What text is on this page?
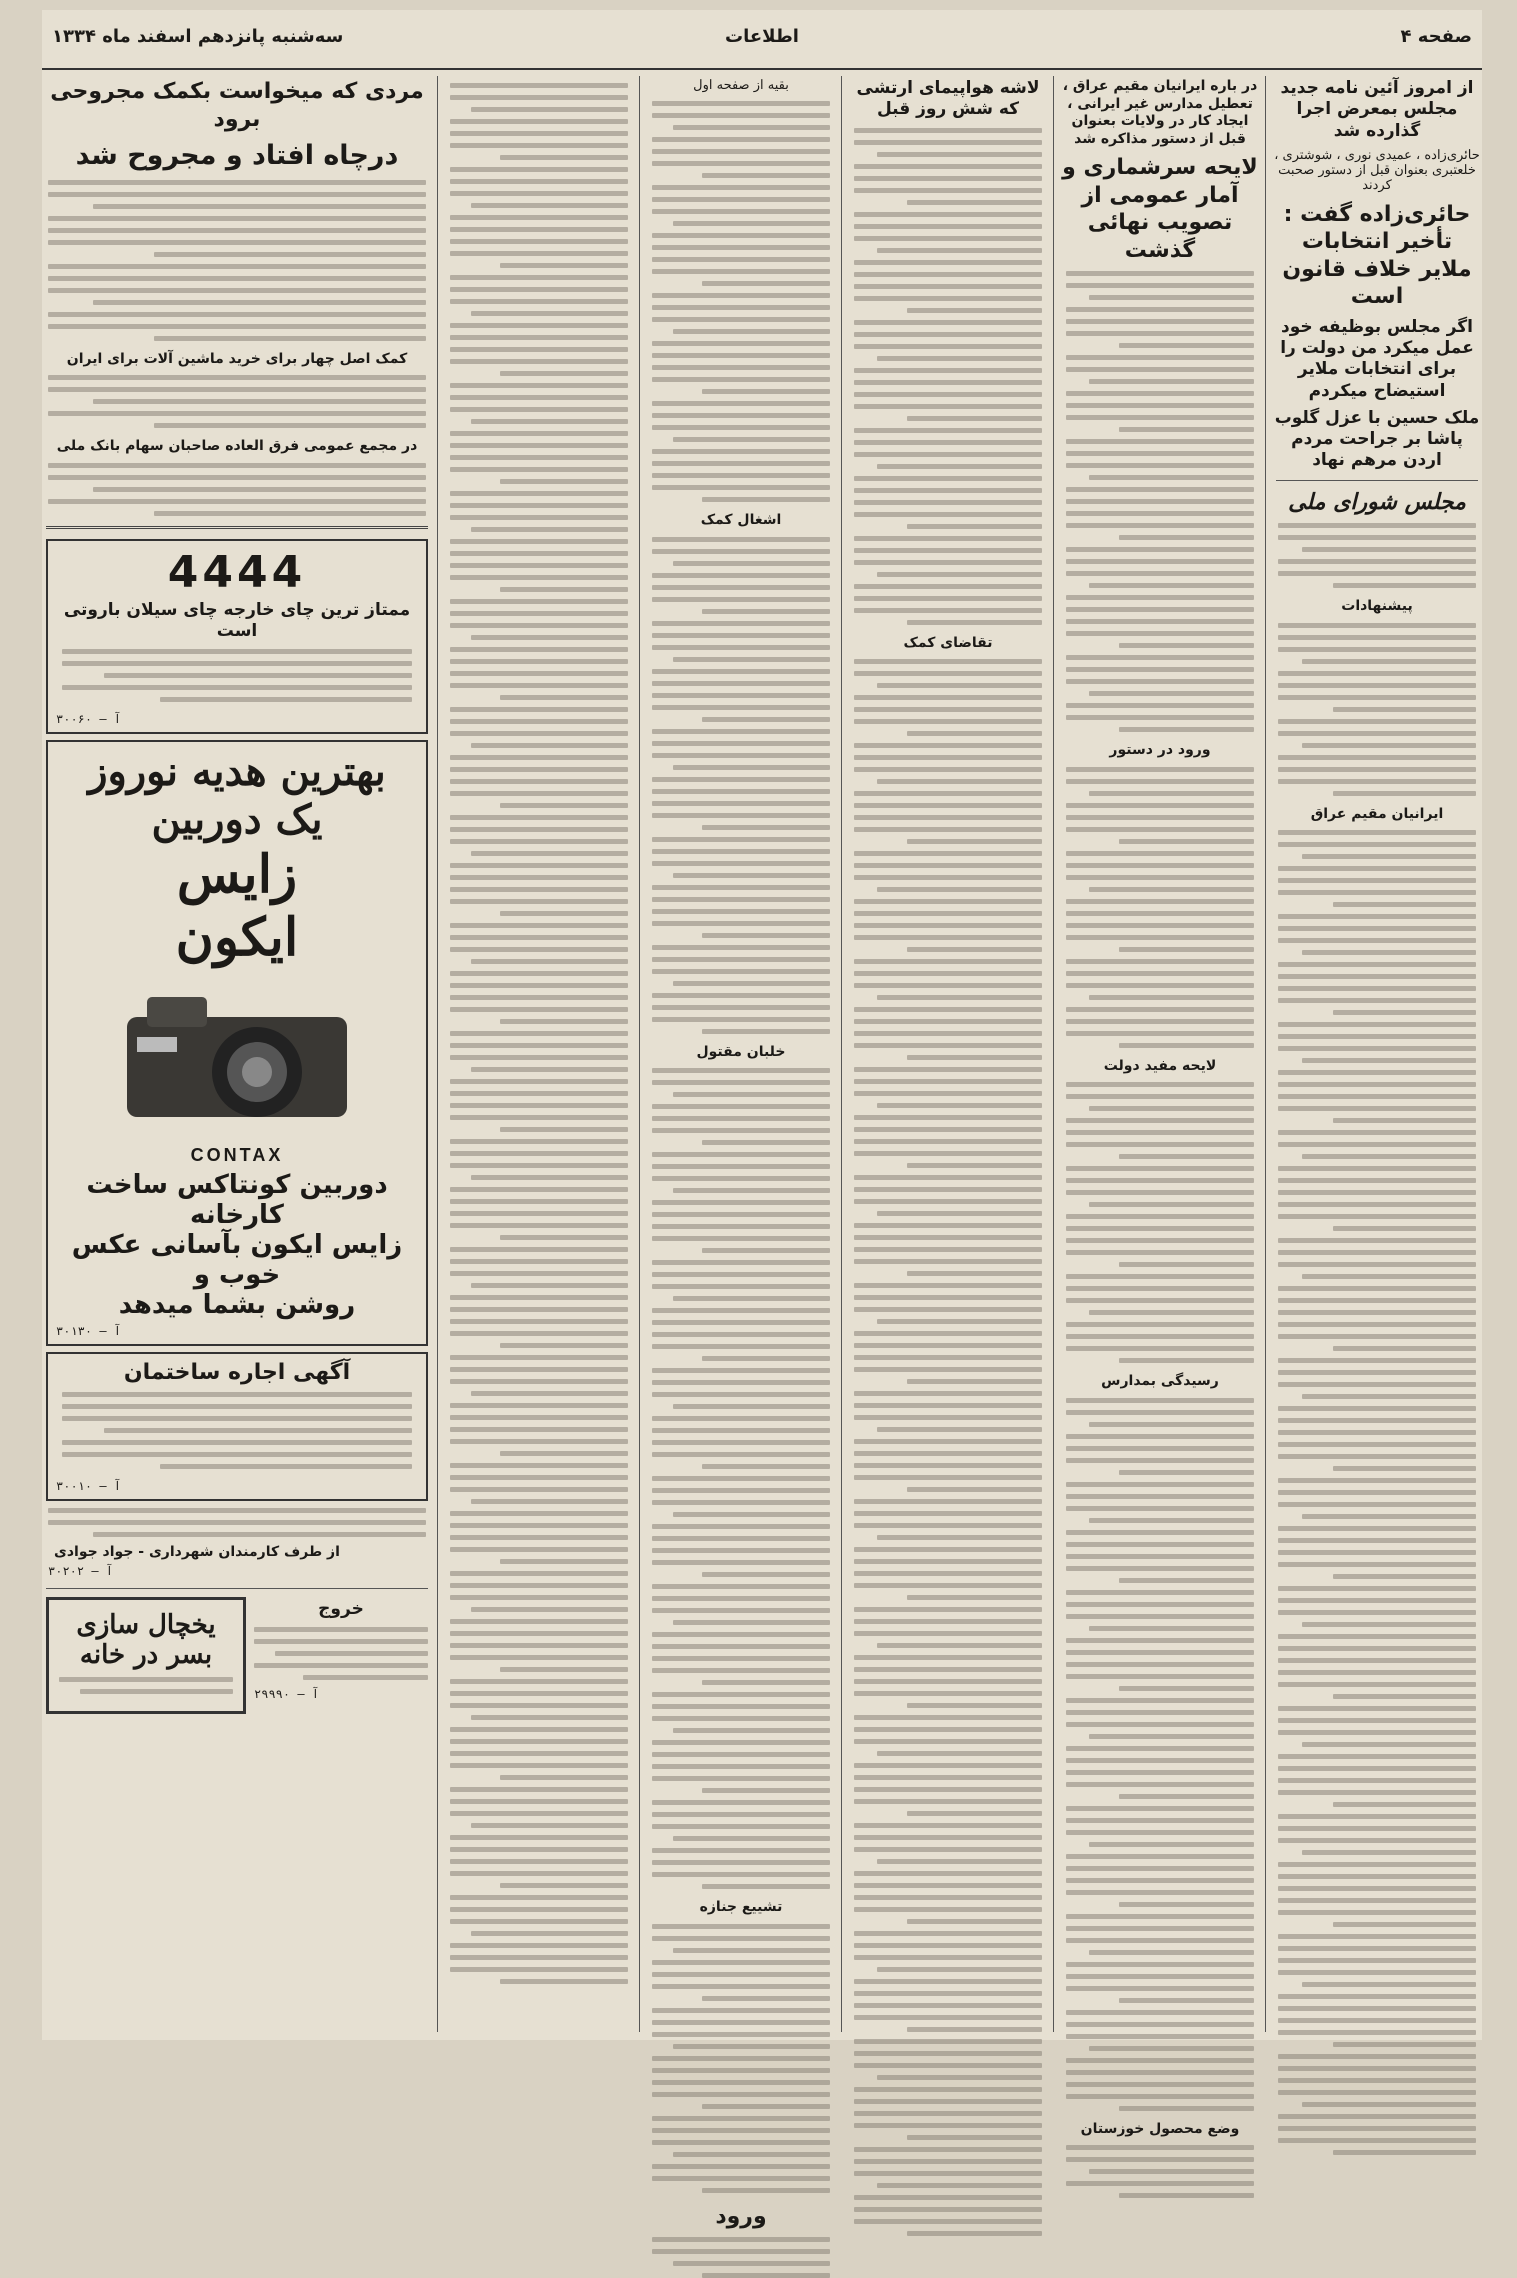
صفحه ۴
اطلاعات
سه‌شنبه پانزدهم اسفند ماه ۱۳۳۴
از امروز آئین نامه جدید مجلس بمعرض اجرا گذارده شد
حائری‌زاده ، عمیدی نوری ، شوشتری ، خلعتبری بعنوان قبل از دستور صحبت کردند
حائری‌زاده گفت : تأخیر انتخابات ملایر خلاف قانون است
اگر مجلس بوظیفه خود عمل میکرد من دولت را برای انتخابات ملایر استیضاح میکردم
ملک حسین با عزل گلوب پاشا بر جراحت مردم اردن مرهم نهاد
مجلس شورای ملی
پیشنهادات
ایرانیان مقیم عراق
در باره ایرانیان مقیم عراق ، تعطیل مدارس غیر ایرانی ، ایجاد کار در ولایات بعنوان قبل از دستور مذاکره شد
لایحه سرشماری و آمار عمومی از تصویب نهائی گذشت
ورود در دستور
لایحه مفید دولت
رسیدگی بمدارس
وضع محصول خوزستان
لاشه هواپیمای ارتشی که شش روز قبل
تقاضای کمک
بقیه از صفحه اول
اشغال کمک
خلبان مقتول
تشییع جنازه
ورود
مردی که میخواست بکمک مجروحی برود
درچاه افتاد و مجروح شد
کمک اصل چهار برای خرید ماشین آلات برای ایران
در مجمع عمومی فرق العاده صاحبان سهام بانک ملی
4444
ممتاز ترین چای خارجه چای سیلان باروتی است
آ – ۳۰۰۶۰
بهترین هدیه نوروز
یک دوربین
زایس
ایکون
CONTAX
دوربین کونتاکس ساخت کارخانه
زایس ایکون بآسانی عکس خوب و
روشن بشما میدهد
آ – ۳۰۱۳۰
آگهی اجاره ساختمان
آ – ۳۰۰۱۰
از طرف کارمندان شهرداری - جواد جوادی
آ – ۳۰۲۰۲
خروج
آ – ۲۹۹۹۰
یخچال سازی بسر در خانه
